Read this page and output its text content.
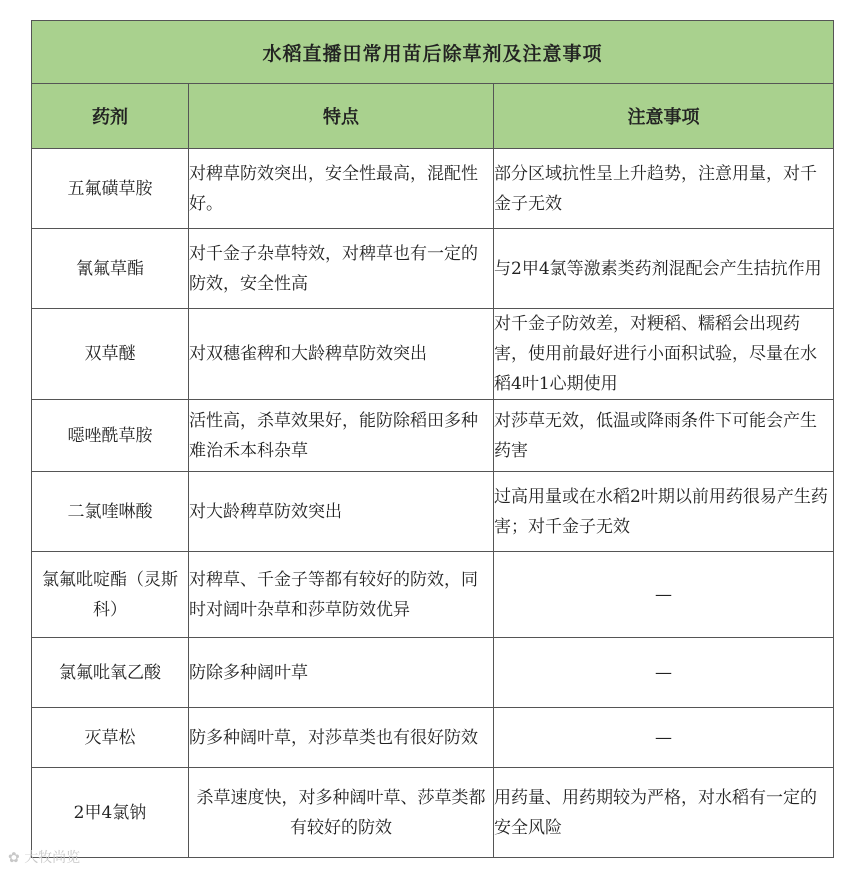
水稻直播田常用苗后除草剂及注意事项		
药剂	特点	注意事项
五氟磺草胺	对稗草防效突出，安全性最高，混配性好。	部分区域抗性呈上升趋势，注意用量，对千金子无效
氰氟草酯	对千金子杂草特效，对稗草也有一定的防效，安全性高	与2甲4氯等激素类药剂混配会产生拮抗作用
双草醚	对双穗雀稗和大龄稗草防效突出	对千金子防效差，对粳稻、糯稻会出现药害，使用前最好进行小面积试验，尽量在水稻4叶1心期使用
噁唑酰草胺	活性高，杀草效果好，能防除稻田多种难治禾本科杂草	对莎草无效，低温或降雨条件下可能会产生药害
二氯喹啉酸	对大龄稗草防效突出	过高用量或在水稻2叶期以前用药很易产生药害；对千金子无效
氯氟吡啶酯（灵斯科）	对稗草、千金子等都有较好的防效，同时对阔叶杂草和莎草防效优异	—
氯氟吡氧乙酸	防除多种阔叶草	—
灭草松	防多种阔叶草，对莎草类也有很好防效	—
2甲4氯钠	杀草速度快，对多种阔叶草、莎草类都有较好的防效	用药量、用药期较为严格，对水稻有一定的安全风险
✿ 大牧尚览
